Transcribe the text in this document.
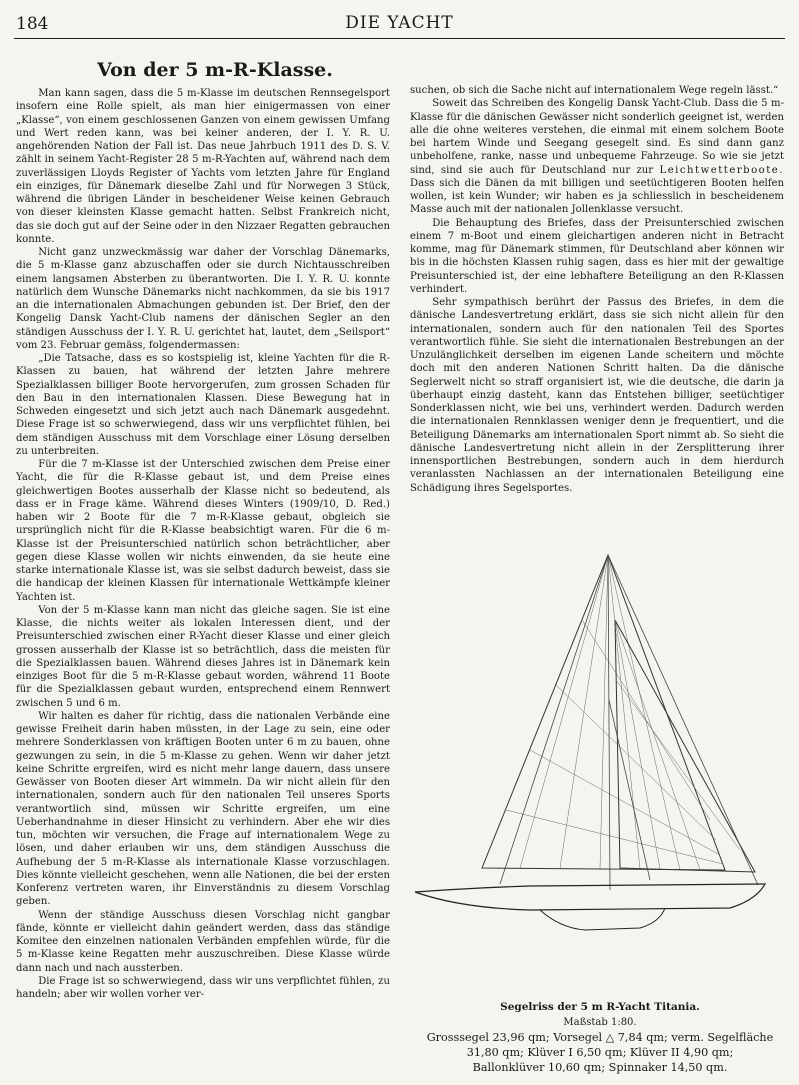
184	DIE YACHT
Von der 5 m-R-Klasse.

Man kann sagen, dass die 5 m-Klasse im deutschen Rennsegelsport insofern eine Rolle spielt, als man hier einigermassen von einer „Klasse“, von einem geschlossenen Ganzen von einem gewissen Umfang und Wert reden kann, was bei keiner anderen, der I. Y. R. U. angehörenden Nation der Fall ist. Das neue Jahrbuch 1911 des D. S. V. zählt in seinem Yacht-Register 28 5 m-R-Yachten auf, während nach dem zuverlässigen Lloyds Register of Yachts vom letzten Jahre für England ein einziges, für Dänemark dieselbe Zahl und für Norwegen 3 Stück, während die übrigen Länder in bescheidener Weise keinen Gebrauch von dieser kleinsten Klasse gemacht hatten. Selbst Frankreich nicht, das sie doch gut auf der Seine oder in den Nizzaer Regatten gebrauchen konnte.

Nicht ganz unzweckmässig war daher der Vorschlag Dänemarks, die 5 m-Klasse ganz abzuschaffen oder sie durch Nichtausschreiben einem langsamen Absterben zu überantworten. Die I. Y. R. U. konnte natürlich dem Wunsche Dänemarks nicht nachkommen, da sie bis 1917 an die internationalen Abmachungen gebunden ist. Der Brief, den der Kongelig Dansk Yacht-Club namens der dänischen Segler an den ständigen Ausschuss der I. Y. R. U. gerichtet hat, lautet, dem „Seilsport“ vom 23. Februar gemäss, folgendermassen:

„Die Tatsache, dass es so kostspielig ist, kleine Yachten für die R-Klassen zu bauen, hat während der letzten Jahre mehrere Spezialklassen billiger Boote hervorgerufen, zum grossen Schaden für den Bau in den internationalen Klassen. Diese Bewegung hat in Schweden eingesetzt und sich jetzt auch nach Dänemark ausgedehnt. Diese Frage ist so schwerwiegend, dass wir uns verpflichtet fühlen, bei dem ständigen Ausschuss mit dem Vorschlage einer Lösung derselben zu unterbreiten.

Für die 7 m-Klasse ist der Unterschied zwischen dem Preise einer Yacht, die für die R-Klasse gebaut ist, und dem Preise eines gleichwertigen Bootes ausserhalb der Klasse nicht so bedeutend, als dass er in Frage käme. Während dieses Winters (1909/10, D. Red.) haben wir 2 Boote für die 7 m-R-Klasse gebaut, obgleich sie ursprünglich nicht für die R-Klasse beabsichtigt waren. Für die 6 m-Klasse ist der Preisunterschied natürlich schon beträchtlicher, aber gegen diese Klasse wollen wir nichts einwenden, da sie heute eine starke internationale Klasse ist, was sie selbst dadurch beweist, dass sie die handicap der kleinen Klassen für internationale Wettkämpfe kleiner Yachten ist.

Von der 5 m-Klasse kann man nicht das gleiche sagen. Sie ist eine Klasse, die nichts weiter als lokalen Interessen dient, und der Preisunterschied zwischen einer R-Yacht dieser Klasse und einer gleich grossen ausserhalb der Klasse ist so beträchtlich, dass die meisten für die Spezialklassen bauen. Während dieses Jahres ist in Dänemark kein einziges Boot für die 5 m-R-Klasse gebaut worden, während 11 Boote für die Spezialklassen gebaut wurden, entsprechend einem Rennwert zwischen 5 und 6 m.

Wir halten es daher für richtig, dass die nationalen Verbände eine gewisse Freiheit darin haben müssten, in der Lage zu sein, eine oder mehrere Sonderklassen von kräftigen Booten unter 6 m zu bauen, ohne gezwungen zu sein, in die 5 m-Klasse zu gehen. Wenn wir daher jetzt keine Schritte ergreifen, wird es nicht mehr lange dauern, dass unsere Gewässer von Booten dieser Art wimmeln. Da wir nicht allein für den internationalen, sondern auch für den nationalen Teil unseres Sports verantwortlich sind, müssen wir Schritte ergreifen, um eine Ueberhandnahme in dieser Hinsicht zu verhindern. Aber ehe wir dies tun, möchten wir versuchen, die Frage auf internationalem Wege zu lösen, und daher erlauben wir uns, dem ständigen Ausschuss die Aufhebung der 5 m-R-Klasse als internationale Klasse vorzuschlagen. Dies könnte vielleicht geschehen, wenn alle Nationen, die bei der ersten Konferenz vertreten waren, ihr Einverständnis zu diesem Vorschlag geben.

Wenn der ständige Ausschuss diesen Vorschlag nicht gangbar fände, könnte er vielleicht dahin geändert werden, dass das ständige Komitee den einzelnen nationalen Verbänden empfehlen würde, für die 5 m-Klasse keine Regatten mehr auszuschreiben. Diese Klasse würde dann nach und nach aussterben.

Die Frage ist so schwerwiegend, dass wir uns verpflichtet fühlen, zu handeln; aber wir wollen vorher ver-

suchen, ob sich die Sache nicht auf internationalem Wege regeln lässt.“

Soweit das Schreiben des Kongelig Dansk Yacht-Club. Dass die 5 m-Klasse für die dänischen Gewässer nicht sonderlich geeignet ist, werden alle die ohne weiteres verstehen, die einmal mit einem solchem Boote bei hartem Winde und Seegang gesegelt sind. Es sind dann ganz unbeholfene, ranke, nasse und unbequeme Fahrzeuge. So wie sie jetzt sind, sind sie auch für Deutschland nur zur Leichtwetterboote. Dass sich die Dänen da mit billigen und seetüchtigeren Booten helfen wollen, ist kein Wunder; wir haben es ja schliesslich in bescheidenem Masse auch mit der nationalen Jollenklasse versucht.

Die Behauptung des Briefes, dass der Preisunterschied zwischen einem 7 m-Boot und einem gleichartigen anderen nicht in Betracht komme, mag für Dänemark stimmen, für Deutschland aber können wir bis in die höchsten Klassen ruhig sagen, dass es hier mit der gewaltige Preisunterschied ist, der eine lebhaftere Beteiligung an den R-Klassen verhindert.

Sehr sympathisch berührt der Passus des Briefes, in dem die dänische Landesvertretung erklärt, dass sie sich nicht allein für den internationalen, sondern auch für den nationalen Teil des Sportes verantwortlich fühle. Sie sieht die internationalen Bestrebungen an der Unzulänglichkeit derselben im eigenen Lande scheitern und möchte doch mit den anderen Nationen Schritt halten. Da die dänische Seglerwelt nicht so straff organisiert ist, wie die deutsche, die darin ja überhaupt einzig dasteht, kann das Entstehen billiger, seetüchtiger Sonderklassen nicht, wie bei uns, verhindert werden. Dadurch werden die internationalen Rennklassen weniger denn je frequentiert, und die Beteiligung Dänemarks am internationalen Sport nimmt ab. So sieht die dänische Landesvertretung nicht allein in der Zersplitterung ihrer innensportlichen Bestrebungen, sondern auch in dem hierdurch veranlassten Nachlassen an der internationalen Beteiligung eine Schädigung ihres Segelsportes.

Segelriss der 5 m R-Yacht Titania.
Maßstab 1:80.
Grosssegel 23,96 qm; Vorsegel △ 7,84 qm; verm. Segelfläche 31,80 qm; Klüver I 6,50 qm; Klüver II 4,90 qm;
Ballonklüver 10,60 qm; Spinnaker 14,50 qm.
